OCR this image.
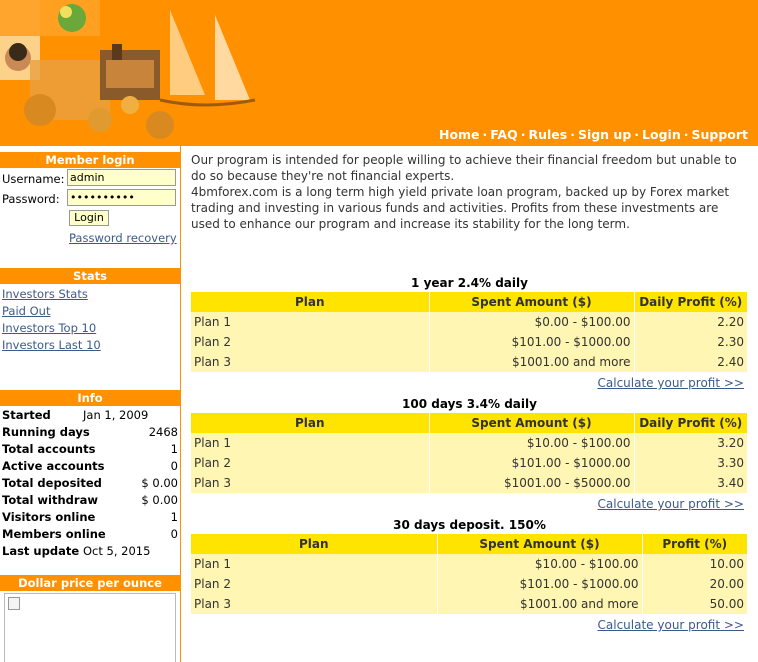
Home · FAQ · Rules · Sign up · Login · Support
Member login
Username: admin
Password: ••••••••••
Login
Password recovery
Stats
Investors Stats
Paid Out
Investors Top 10
Investors Last 10
Info
Started	Jan 1, 2009
Running days	2468
Total accounts	1
Active accounts	0
Total deposited	$ 0.00
Total withdraw	$ 0.00
Visitors online	1
Members online	0
Last update Oct 5, 2015
Dollar price per ounce
Our program is intended for people willing to achieve their financial freedom but unable to do so because they're not financial experts.
4bmforex.com is a long term high yield private loan program, backed up by Forex market trading and investing in various funds and activities. Profits from these investments are used to enhance our program and increase its stability for the long term.
1 year 2.4% daily
Plan	Spent Amount ($)	Daily Profit (%)
Plan 1	$0.00 - $100.00	2.20
Plan 2	$101.00 - $1000.00	2.30
Plan 3	$1001.00 and more	2.40
Calculate your profit >>
100 days 3.4% daily
Plan	Spent Amount ($)	Daily Profit (%)
Plan 1	$10.00 - $100.00	3.20
Plan 2	$101.00 - $1000.00	3.30
Plan 3	$1001.00 - $5000.00	3.40
Calculate your profit >>
30 days deposit. 150%
Plan	Spent Amount ($)	Profit (%)
Plan 1	$10.00 - $100.00	10.00
Plan 2	$101.00 - $1000.00	20.00
Plan 3	$1001.00 and more	50.00
Calculate your profit >>
